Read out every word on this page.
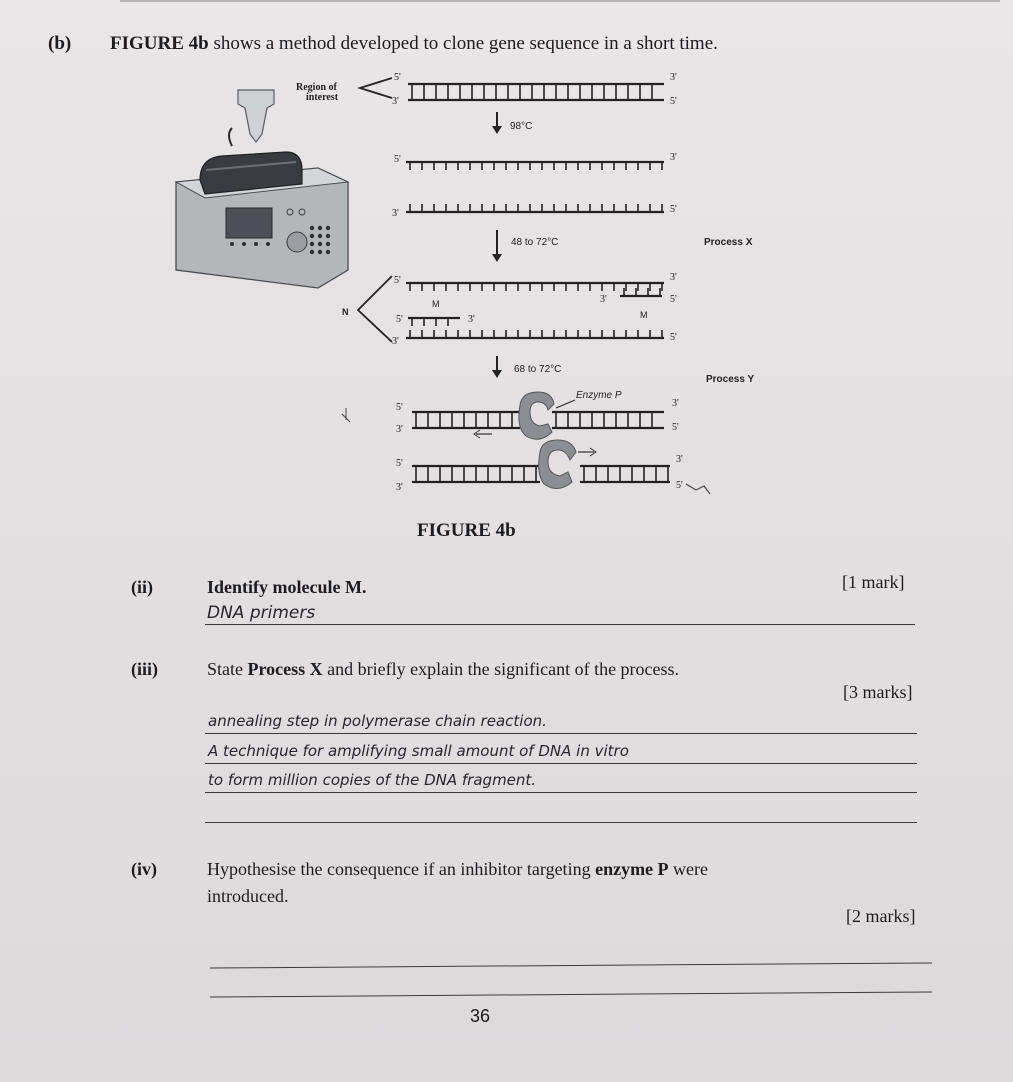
(b) FIGURE 4b shows a method developed to clone gene sequence in a short time.
Region of
interest
5'
3'
3'
5'
5'	3'
3'	5'
5'	3'
3'	5'
5'	3'
3'	5'
5'
3'
3'
5'
5'
3'
3'
5'
98°C
48 to 72°C	Process X
68 to 72°C
Process Y
N
M
M
Enzyme P
FIGURE 4b
(ii)	Identify molecule M.	[1 mark]
DNA primers
(iii)	State Process X and briefly explain the significant of the process.
[3 marks]
annealing step in polymerase chain reaction.
A technique for amplifying small amount of DNA in vitro
to form million copies of the DNA fragment.
(iv)	Hypothesise the consequence if an inhibitor targeting enzyme P were
introduced.
[2 marks]
36
